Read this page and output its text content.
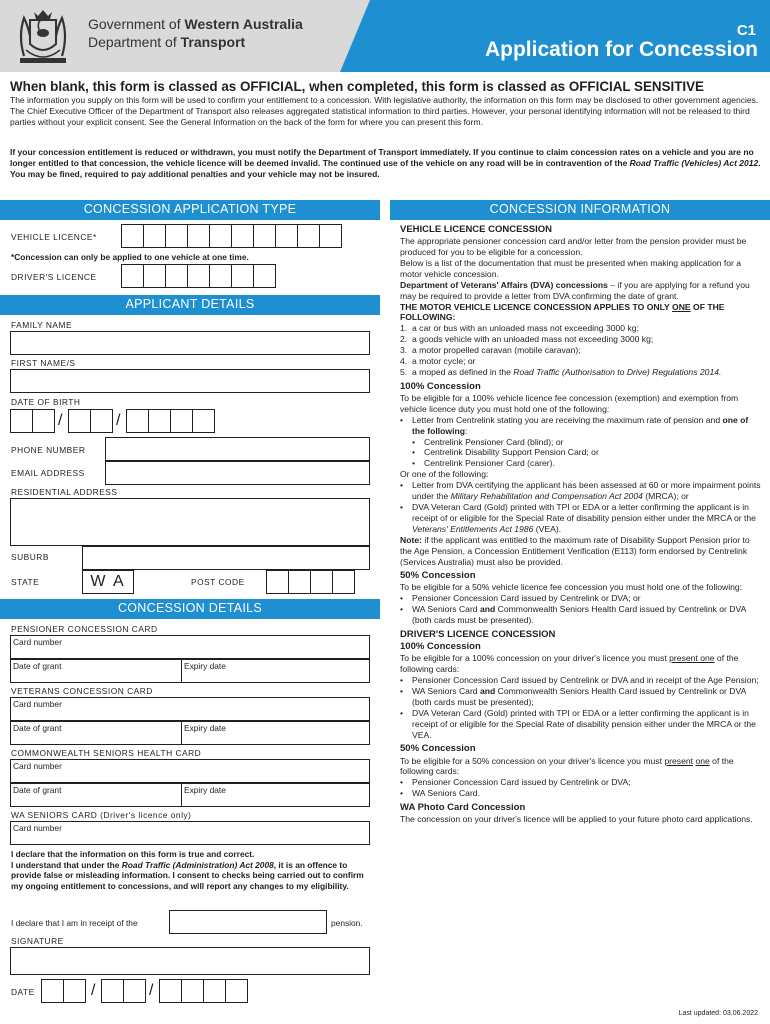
Government of Western Australia
Department of Transport
C1
Application for Concession
When blank, this form is classed as OFFICIAL, when completed, this form is classed as OFFICIAL SENSITIVE
The information you supply on this form will be used to confirm your entitlement to a concession. With legislative authority, the information on this form may be disclosed to other government agencies. The Chief Executive Officer of the Department of Transport also releases aggregated statistical information to third parties. However, your personal identifying information will not be released to third parties without your explicit consent. See the General Information on the back of the form for where you can present this form.
If your concession entitlement is reduced or withdrawn, you must notify the Department of Transport immediately. If you continue to claim concession rates on a vehicle and you are no longer entitled to that concession, the vehicle licence will be deemed invalid. The continued use of the vehicle on any road will be in contravention of the Road Traffic (Vehicles) Act 2012. You may be fined, required to pay additional penalties and your vehicle may not be insured.
CONCESSION APPLICATION TYPE
VEHICLE LICENCE*
*Concession can only be applied to one vehicle at one time.
DRIVER'S LICENCE
APPLICANT DETAILS
FAMILY NAME
FIRST NAME/S
DATE OF BIRTH
/	/
PHONE NUMBER
EMAIL ADDRESS
RESIDENTIAL ADDRESS
SUBURB
STATE	W A	POST CODE
CONCESSION DETAILS
PENSIONER CONCESSION CARD
Card number
Date of grant	Expiry date
VETERANS CONCESSION CARD
Card number
Date of grant	Expiry date
COMMONWEALTH SENIORS HEALTH CARD
Card number
Date of grant	Expiry date
WA SENIORS CARD (Driver's licence only)
Card number
I declare that the information on this form is true and correct.
I understand that under the Road Traffic (Administration) Act 2008, it is an offence to provide false or misleading information. I consent to checks being carried out to confirm my ongoing entitlement to concessions, and will report any changes to my eligibility.
I declare that I am in receipt of the	pension.
SIGNATURE
DATE	/	/
CONCESSION INFORMATION

VEHICLE LICENCE CONCESSION

The appropriate pensioner concession card and/or letter from the pension provider must be produced for you to be eligible for a concession.

Below is a list of the documentation that must be presented when making application for a motor vehicle concession.

Department of Veterans' Affairs (DVA) concessions – if you are applying for a refund you may be required to provide a letter from DVA confirming the date of grant.

THE MOTOR VEHICLE LICENCE CONCESSION APPLIES TO ONLY ONE OF THE FOLLOWING:

1. a car or bus with an unloaded mass not exceeding 3000 kg;
2. a goods vehicle with an unloaded mass not exceeding 3000 kg;
3. a motor propelled caravan (mobile caravan);
4. a motor cycle; or
5. a moped as defined in the Road Traffic (Authorisation to Drive) Regulations 2014.

100% Concession

To be eligible for a 100% vehicle licence fee concession (exemption) and exemption from vehicle licence duty you must hold one of the following:

• Letter from Centrelink stating you are receiving the maximum rate of pension and one of the following:
• Centrelink Pensioner Card (blind); or
• Centrelink Disability Support Pension Card; or
• Centrelink Pensioner Card (carer).

Or one of the following:

• Letter from DVA certifying the applicant has been assessed at 60 or more impairment points under the Military Rehabilitation and Compensation Act 2004 (MRCA); or
• DVA Veteran Card (Gold) printed with TPI or EDA or a letter confirming the applicant is in receipt of or eligible for the Special Rate of disability pension either under the MRCA or the Veterans' Entitlements Act 1986 (VEA).

Note: if the applicant was entitled to the maximum rate of Disability Support Pension prior to the Age Pension, a Concession Entitlement Verification (E113) form endorsed by Centrelink (Services Australia) must also be provided.

50% Concession

To be eligible for a 50% vehicle licence fee concession you must hold one of the following:

• Pensioner Concession Card issued by Centrelink or DVA; or
• WA Seniors Card and Commonwealth Seniors Health Card issued by Centrelink or DVA (both cards must be presented).

DRIVER'S LICENCE CONCESSION

100% Concession

To be eligible for a 100% concession on your driver's licence you must present one of the following cards:

• Pensioner Concession Card issued by Centrelink or DVA and in receipt of the Age Pension;
• WA Seniors Card and Commonwealth Seniors Health Card issued by Centrelink or DVA (both cards must be presented);
• DVA Veteran Card (Gold) printed with TPI or EDA or a letter confirming the applicant is in receipt of or eligible for the Special Rate of disability pension either under the MRCA or the VEA.

50% Concession

To be eligible for a 50% concession on your driver's licence you must present one of the following cards:

• Pensioner Concession Card issued by Centrelink or DVA;
• WA Seniors Card.

WA Photo Card Concession

The concession on your driver's licence will be applied to your future photo card applications.

Last updated: 03.06.2022
